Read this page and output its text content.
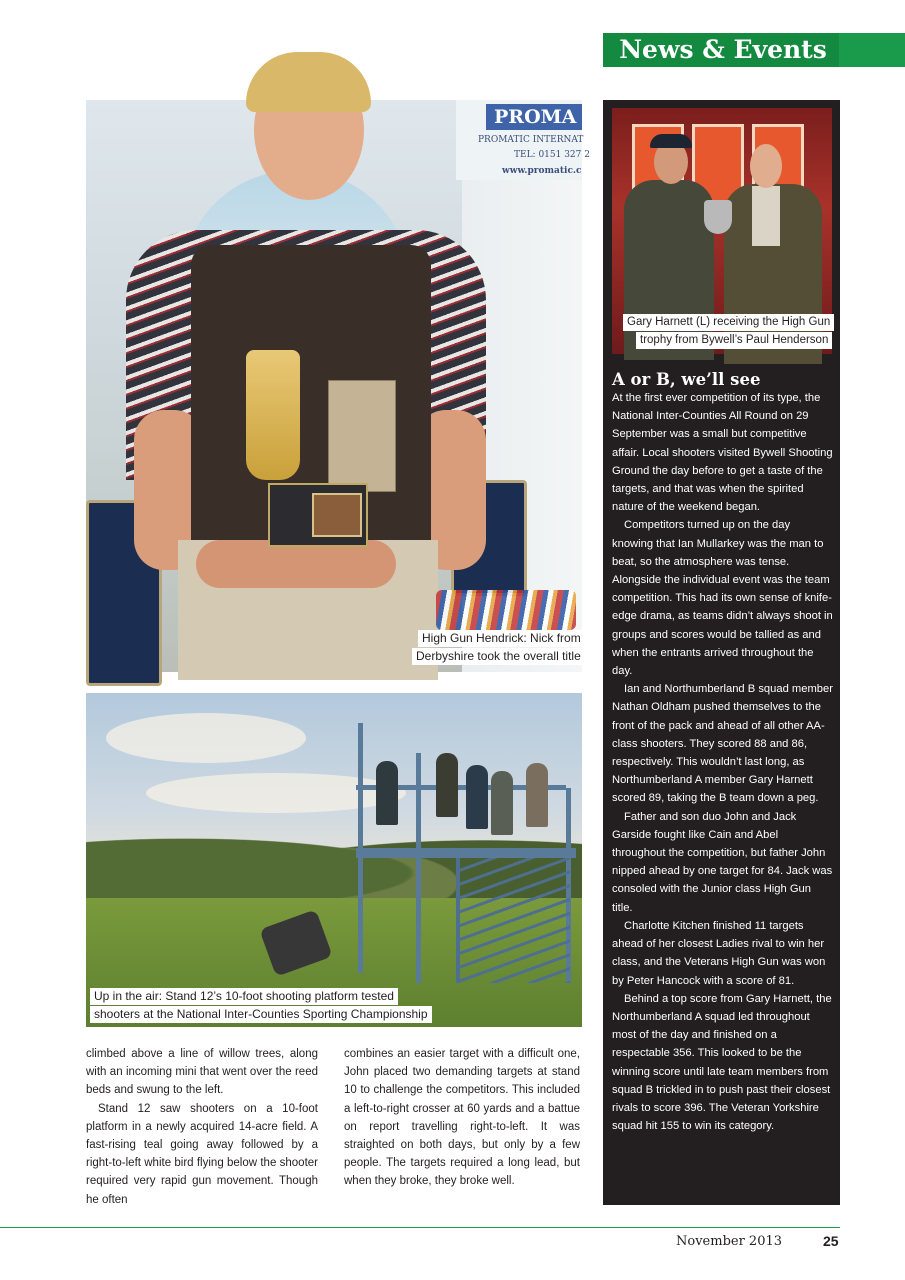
News & Events
PROMA
PROMATIC INTERNAT
TEL: 0151 327 2
www.promatic.c
High Gun Hendrick: Nick from
Derbyshire took the overall title
Up in the air: Stand 12’s 10-foot shooting platform tested
shooters at the National Inter-Counties Sporting Championship

climbed above a line of willow trees, along with an incoming mini that went over the reed beds and swung to the left.

Stand 12 saw shooters on a 10-foot platform in a newly acquired 14-acre field. A fast-rising teal going away followed by a right-to-left white bird flying below the shooter required very rapid gun movement. Though he often

combines an easier target with a difficult one, John placed two demanding targets at stand 10 to challenge the competitors. This included a left-to-right crosser at 60 yards and a battue on report travelling right-to-left. It was straighted on both days, but only by a few people. The targets required a long lead, but when they broke, they broke well.

Gary Harnett (L) receiving the High Gun
trophy from Bywell’s Paul Henderson
A or B, we’ll see

At the first ever competition of its type, the National Inter-Counties All Round on 29 September was a small but competitive affair. Local shooters visited Bywell Shooting Ground the day before to get a taste of the targets, and that was when the spirited nature of the weekend began.

Competitors turned up on the day knowing that Ian Mullarkey was the man to beat, so the atmosphere was tense. Alongside the individual event was the team competition. This had its own sense of knife-edge drama, as teams didn’t always shoot in groups and scores would be tallied as and when the entrants arrived throughout the day.

Ian and Northumberland B squad member Nathan Oldham pushed themselves to the front of the pack and ahead of all other AA-class shooters. They scored 88 and 86, respectively. This wouldn’t last long, as Northumberland A member Gary Harnett scored 89, taking the B team down a peg.

Father and son duo John and Jack Garside fought like Cain and Abel throughout the competition, but father John nipped ahead by one target for 84. Jack was consoled with the Junior class High Gun title.

Charlotte Kitchen finished 11 targets ahead of her closest Ladies rival to win her class, and the Veterans High Gun was won by Peter Hancock with a score of 81.

Behind a top score from Gary Harnett, the Northumberland A squad led throughout most of the day and finished on a respectable 356. This looked to be the winning score until late team members from squad B trickled in to push past their closest rivals to score 396. The Veteran Yorkshire squad hit 155 to win its category.

November 2013	25
